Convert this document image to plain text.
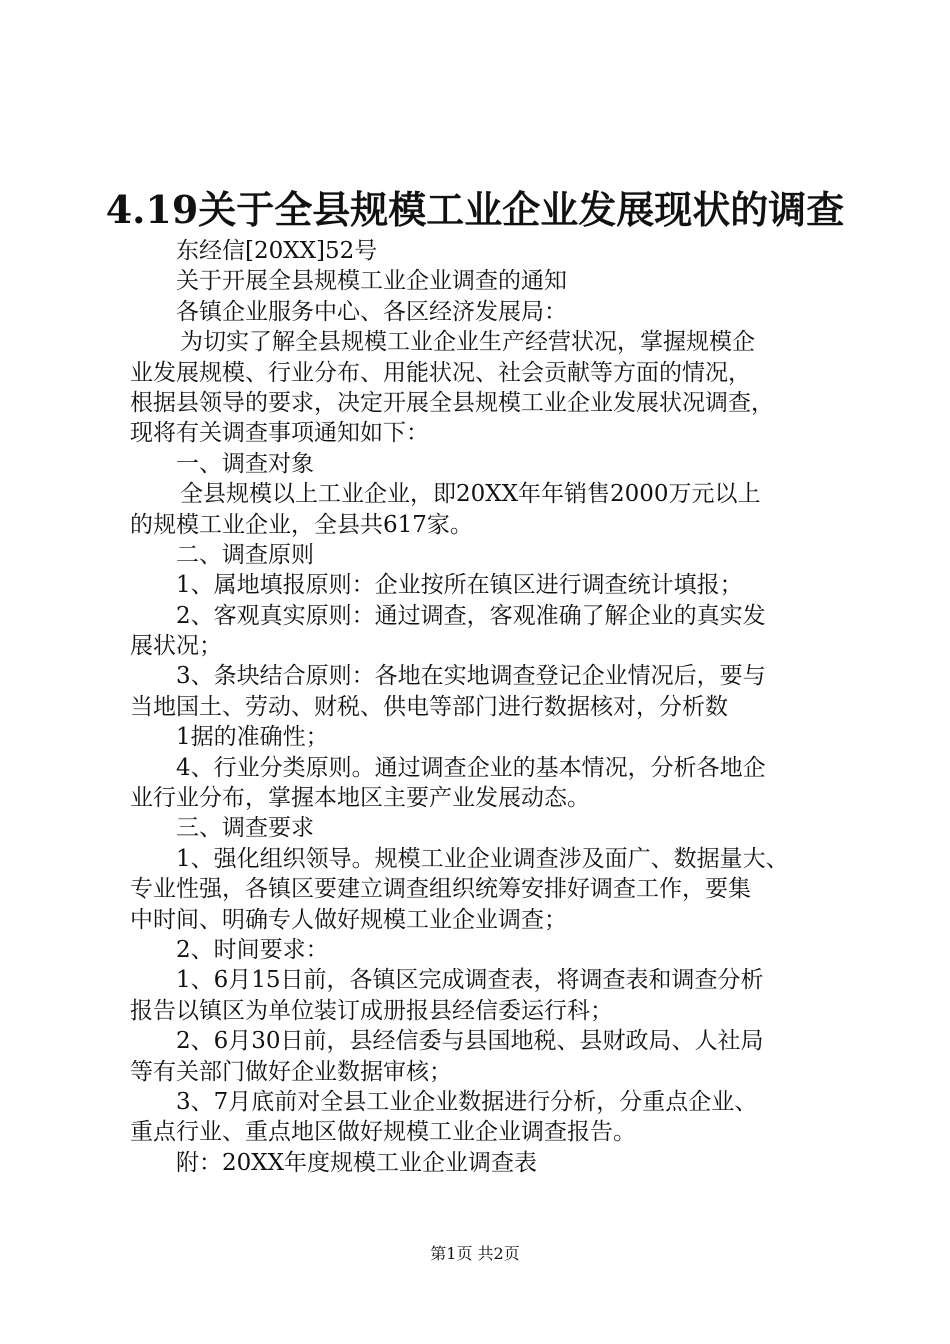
4.19关于全县规模工业企业发展现状的调查
东经信[20XX]52号
关于开展全县规模工业企业调查的通知
各镇企业服务中心、各区经济发展局：
为切实了解全县规模工业企业生产经营状况，掌握规模企
业发展规模、行业分布、用能状况、社会贡献等方面的情况，
根据县领导的要求，决定开展全县规模工业企业发展状况调查，
现将有关调查事项通知如下：
一、调查对象
全县规模以上工业企业，即20XX年年销售2000万元以上
的规模工业企业，全县共617家。
二、调查原则
1、属地填报原则：企业按所在镇区进行调查统计填报；
2、客观真实原则：通过调查，客观准确了解企业的真实发
展状况；
3、条块结合原则：各地在实地调查登记企业情况后，要与
当地国土、劳动、财税、供电等部门进行数据核对，分析数
1据的准确性；
4、行业分类原则。通过调查企业的基本情况，分析各地企
业行业分布，掌握本地区主要产业发展动态。
三、调查要求
1、强化组织领导。规模工业企业调查涉及面广、数据量大、
专业性强，各镇区要建立调查组织统筹安排好调查工作，要集
中时间、明确专人做好规模工业企业调查；
2、时间要求：
1、6月15日前，各镇区完成调查表，将调查表和调查分析
报告以镇区为单位装订成册报县经信委运行科；
2、6月30日前，县经信委与县国地税、县财政局、人社局
等有关部门做好企业数据审核；
3、7月底前对全县工业企业数据进行分析，分重点企业、
重点行业、重点地区做好规模工业企业调查报告。
附：20XX年度规模工业企业调查表
第1页 共2页
